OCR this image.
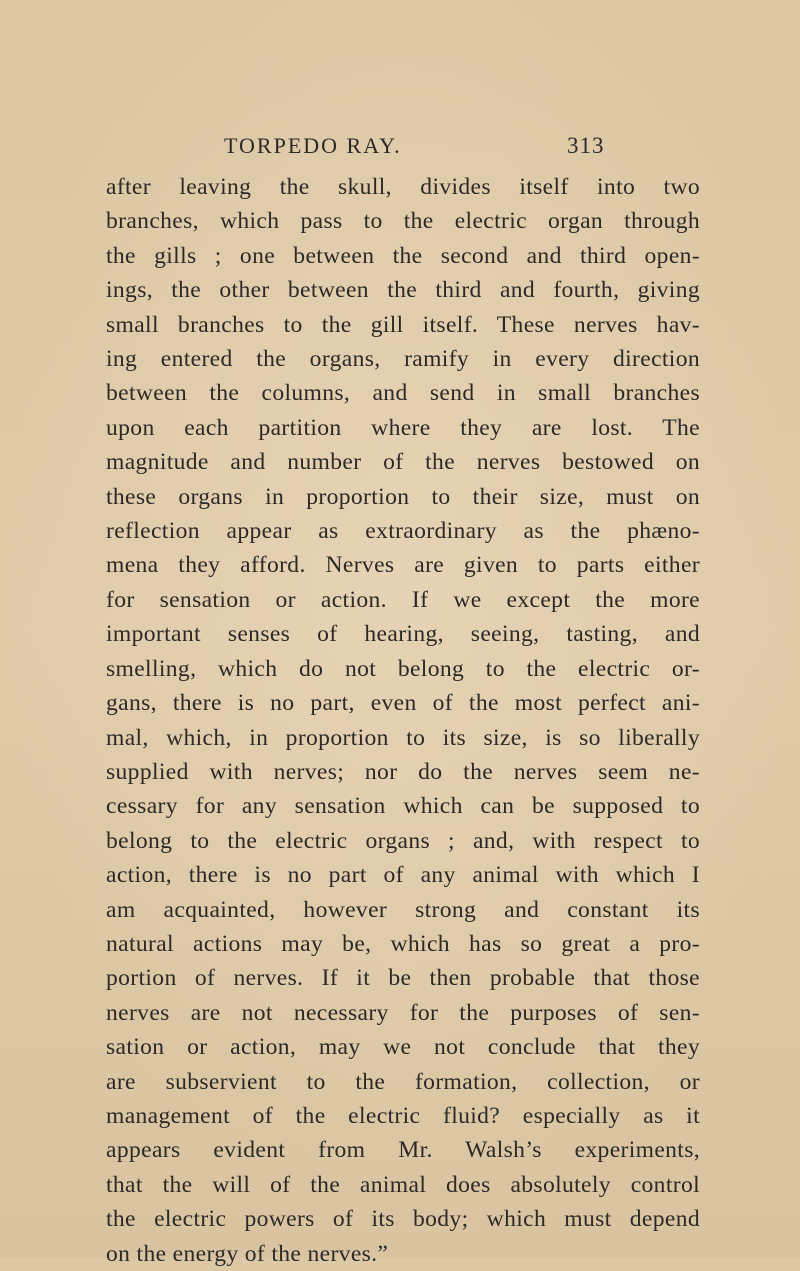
TORPEDO RAY.	313
after leaving the skull, divides itself into two
branches, which pass to the electric organ through
the gills ; one between the second and third open-
ings, the other between the third and fourth, giving
small branches to the gill itself. These nerves hav-
ing entered the organs, ramify in every direction
between the columns, and send in small branches
upon each partition where they are lost. The
magnitude and number of the nerves bestowed on
these organs in proportion to their size, must on
reflection appear as extraordinary as the phæno-
mena they afford. Nerves are given to parts either
for sensation or action. If we except the more
important senses of hearing, seeing, tasting, and
smelling, which do not belong to the electric or-
gans, there is no part, even of the most perfect ani-
mal, which, in proportion to its size, is so liberally
supplied with nerves; nor do the nerves seem ne-
cessary for any sensation which can be supposed to
belong to the electric organs ; and, with respect to
action, there is no part of any animal with which I
am acquainted, however strong and constant its
natural actions may be, which has so great a pro-
portion of nerves. If it be then probable that those
nerves are not necessary for the purposes of sen-
sation or action, may we not conclude that they
are subservient to the formation, collection, or
management of the electric fluid? especially as it
appears evident from Mr. Walsh’s experiments,
that the will of the animal does absolutely control
the electric powers of its body; which must depend
on the energy of the nerves.”
